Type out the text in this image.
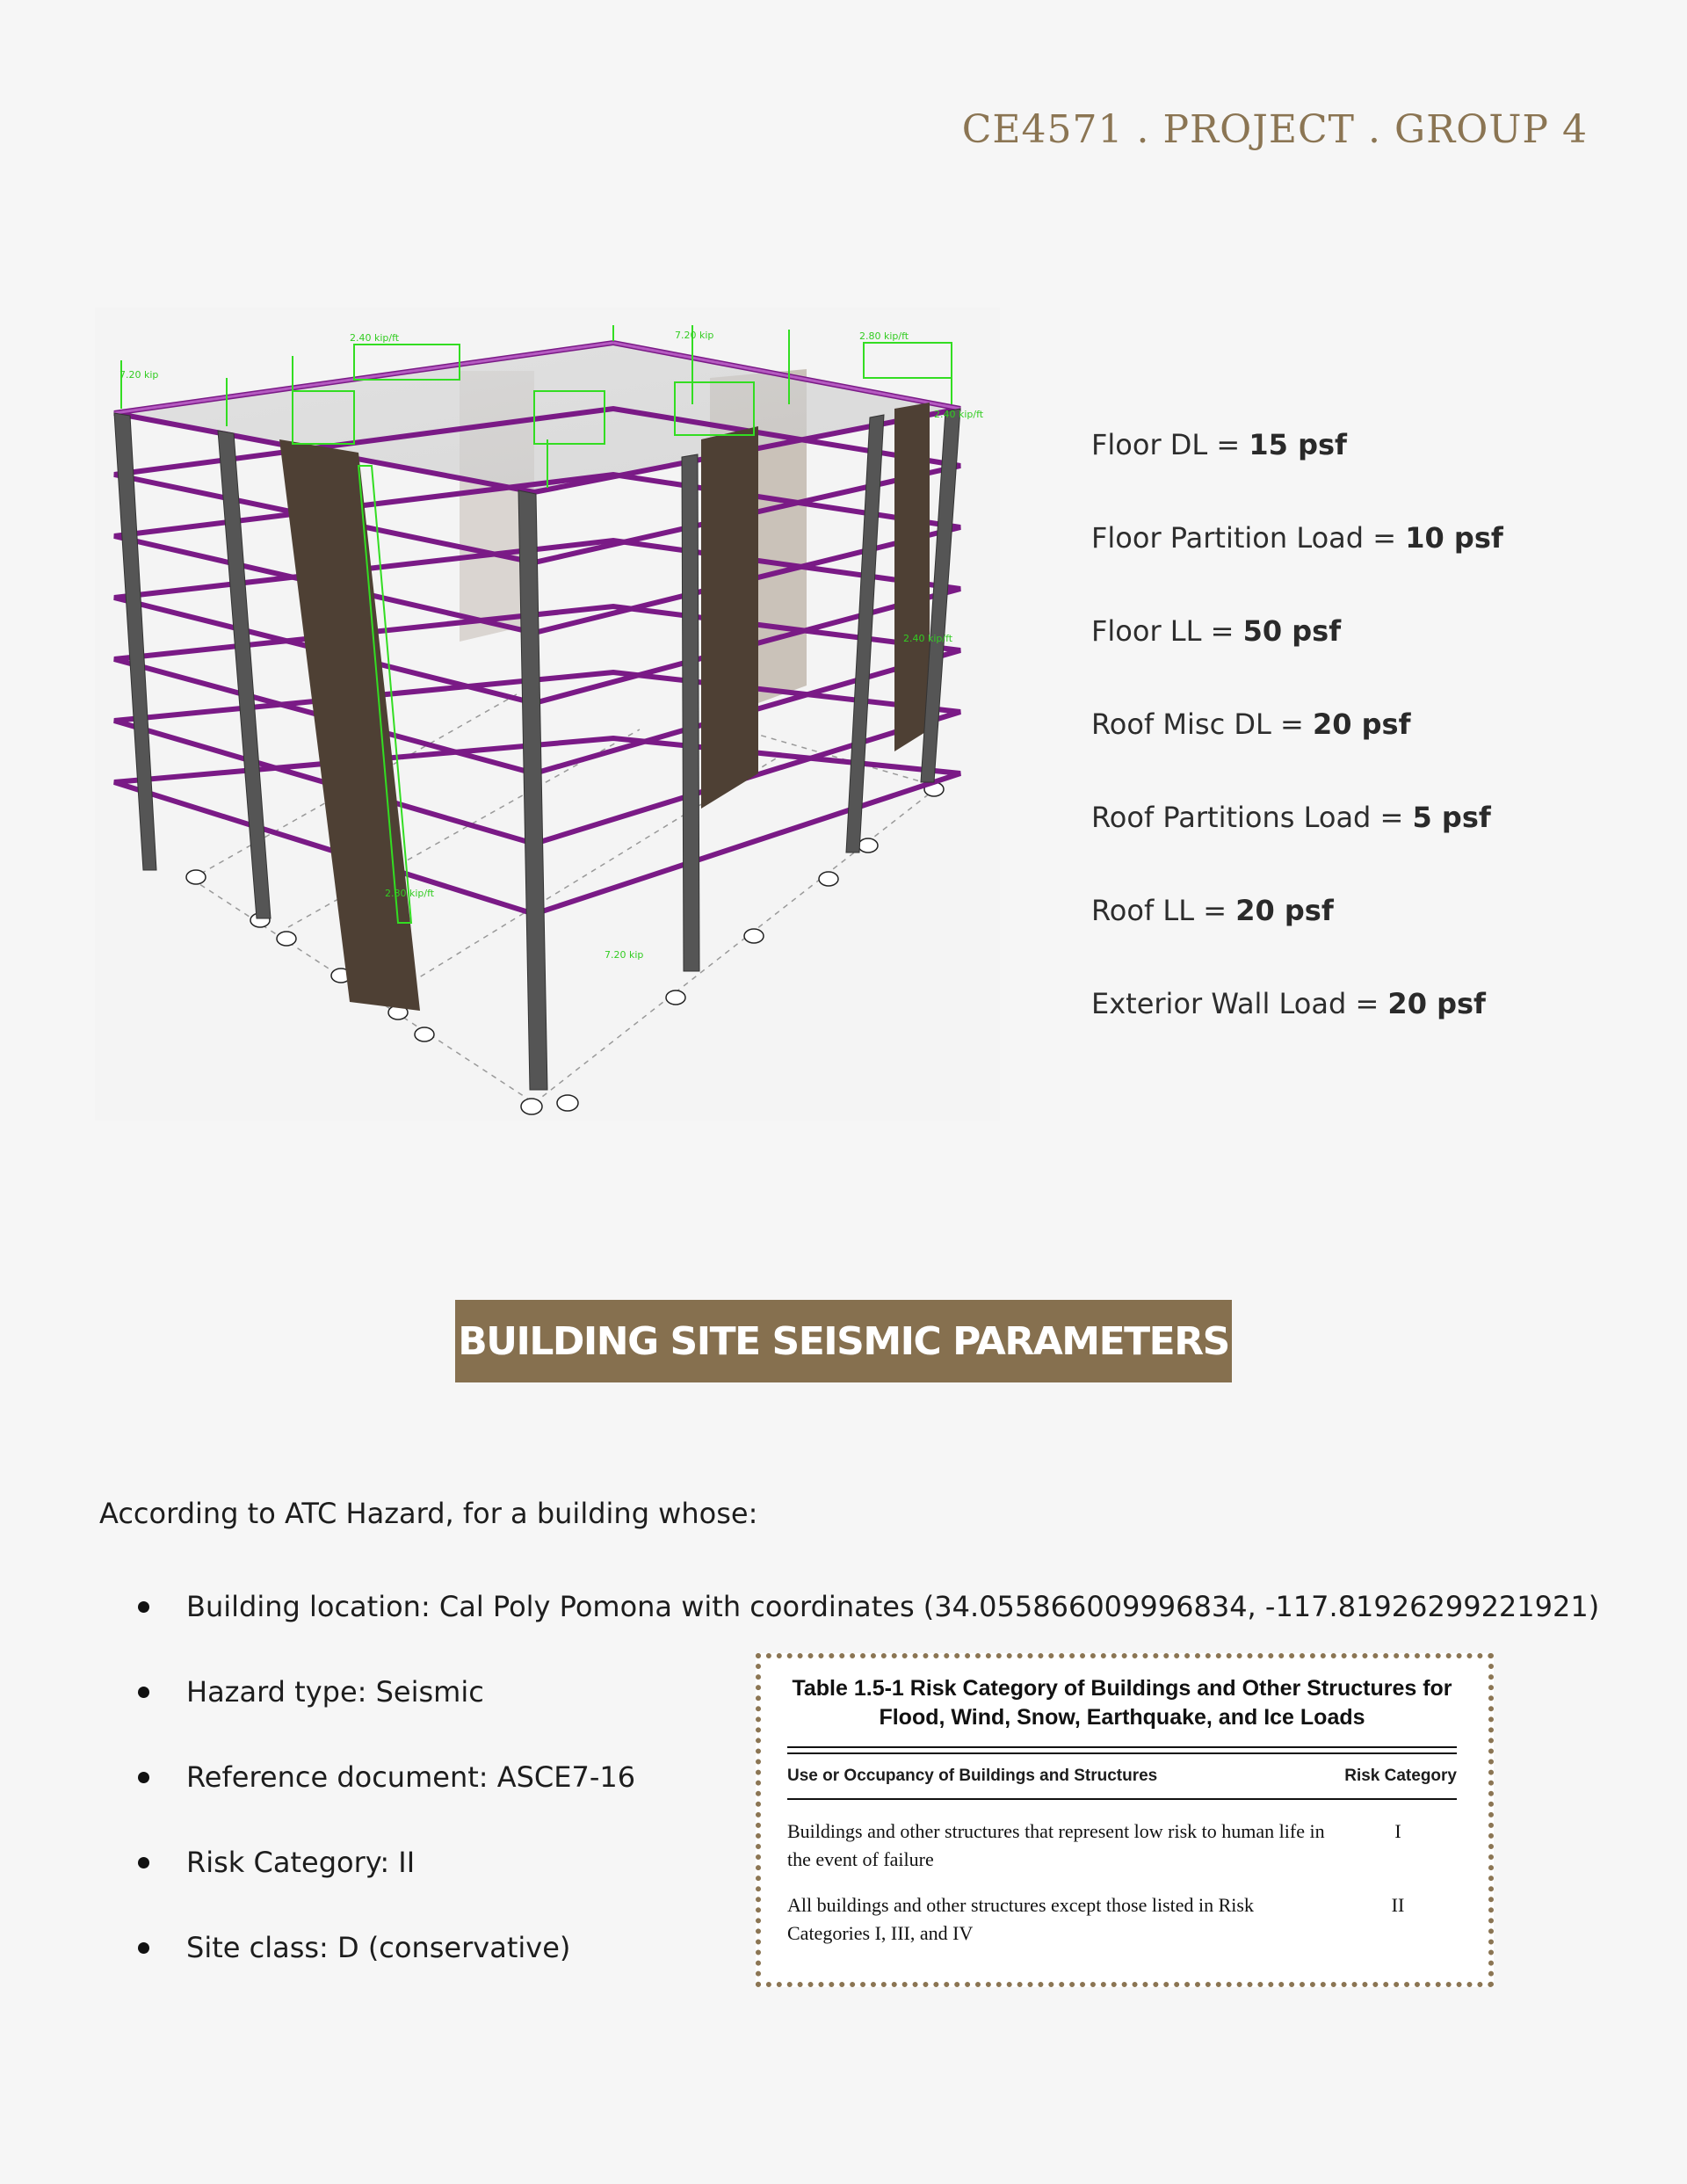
CE4571 . PROJECT . GROUP 4
7.20 kip
2.40 kip/ft	2.80 kip/ft
2.40 kip/ft
7.20 kip
2.40 kip/ft
2.80 kip/ft
7.20 kip
Floor DL = 15 psf
Floor Partition Load = 10 psf
Floor LL = 50 psf
Roof Misc DL = 20 psf
Roof Partitions Load = 5 psf
Roof LL = 20 psf
Exterior Wall Load = 20 psf
BUILDING SITE SEISMIC PARAMETERS
According to ATC Hazard, for a building whose:
Building location: Cal Poly Pomona with coordinates (34.055866009996834, -117.81926299221921)
Hazard type: Seismic
Reference document: ASCE7-16
Risk Category: II
Site class: D (conservative)
Table 1.5-1 Risk Category of Buildings and Other Structures for Flood, Wind, Snow, Earthquake, and Ice Loads
Use or Occupancy of Buildings and Structures	Risk Category
Buildings and other structures that represent low risk to human life in the event of failure
I
All buildings and other structures except those listed in Risk Categories I, III, and IV
II
